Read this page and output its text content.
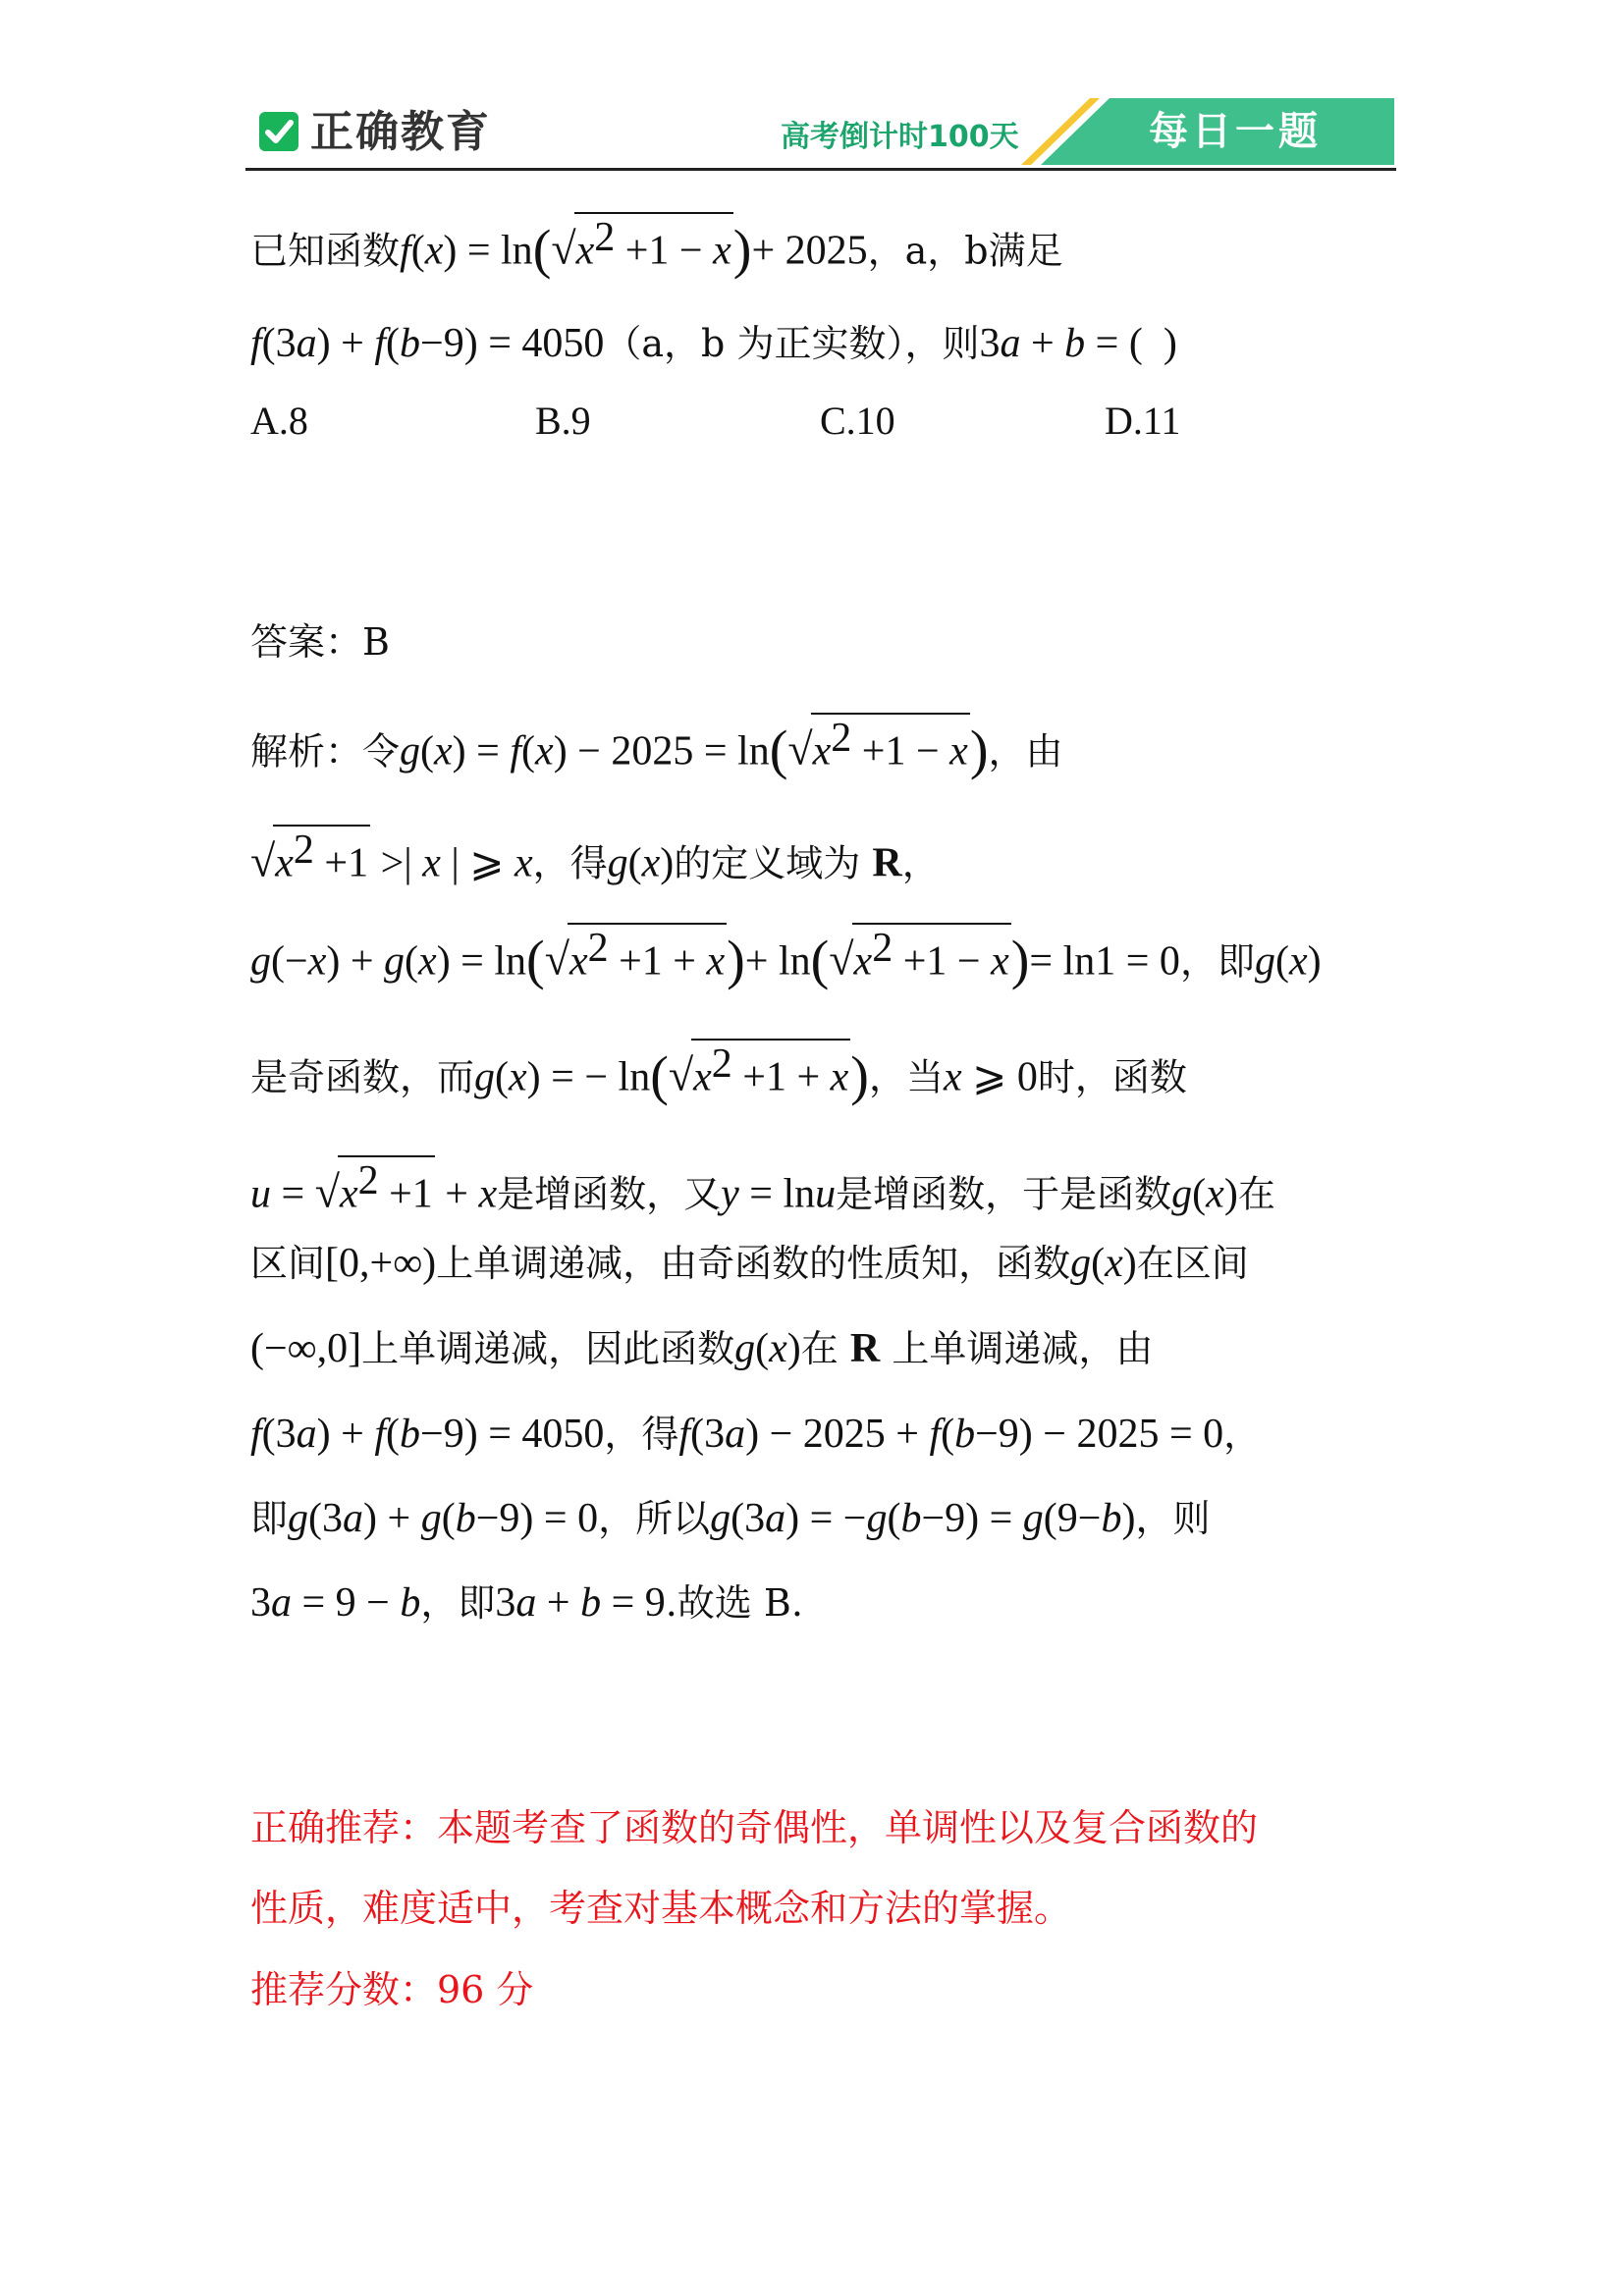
正确教育	高考倒计时100天	每日一题
已知函数$f(x) = \ln(√x^2 +1 - x)+ 2025$，a，b满足
f(3a) + f(b−9) = 4050（a，b 为正实数），则3a + b = (  )
A.8	B.9	C.10	D.11
答案：B
解析：令$g(x) = f(x) - 2025 = \ln(√x^2 +1 - x)$，由
$√x^2 +1$ >| x | ⩾ x，得g(x)的定义域为 R，
$g(-x) + g(x) = \ln(√x^2 +1 + x)+ \ln(√x^2 +1 - x)= \ln 1 = 0$，即g(x)
是奇函数，而g(x) = − $\ln(√x^2 +1 + x)$，当x ⩾ 0时，函数
$u = √x^2 +1 + x$是增函数，又y = lnu是增函数，于是函数g(x)在
区间[0,+∞)上单调递减，由奇函数的性质知，函数g(x)在区间
(−∞,0]上单调递减，因此函数g(x)在 R 上单调递减，由
f(3a) + f(b−9) = 4050，得f(3a) − 2025 + f(b−9) − 2025 = 0，
即g(3a) + g(b−9) = 0，所以g(3a) = −g(b−9) = g(9−b)，则
3a = 9 − b，即3a + b = 9.故选 B.
正确推荐：本题考查了函数的奇偶性，单调性以及复合函数的
性质，难度适中，考查对基本概念和方法的掌握。
推荐分数：96 分
